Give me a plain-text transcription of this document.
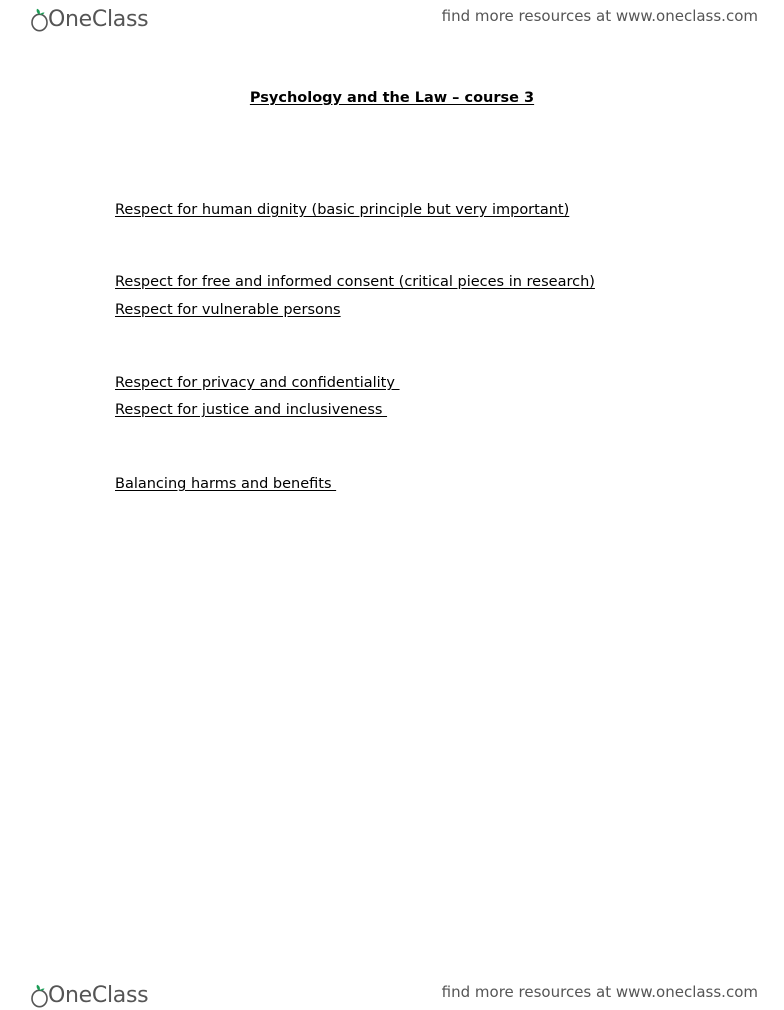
OneClass	find more resources at www.oneclass.com
Psychology and the Law – course 3
Respect for human dignity (basic principle but very important)
Respect for free and informed consent (critical pieces in research)
Respect for vulnerable persons
Respect for privacy and confidentiality
Respect for justice and inclusiveness
Balancing harms and benefits
OneClass	find more resources at www.oneclass.com
